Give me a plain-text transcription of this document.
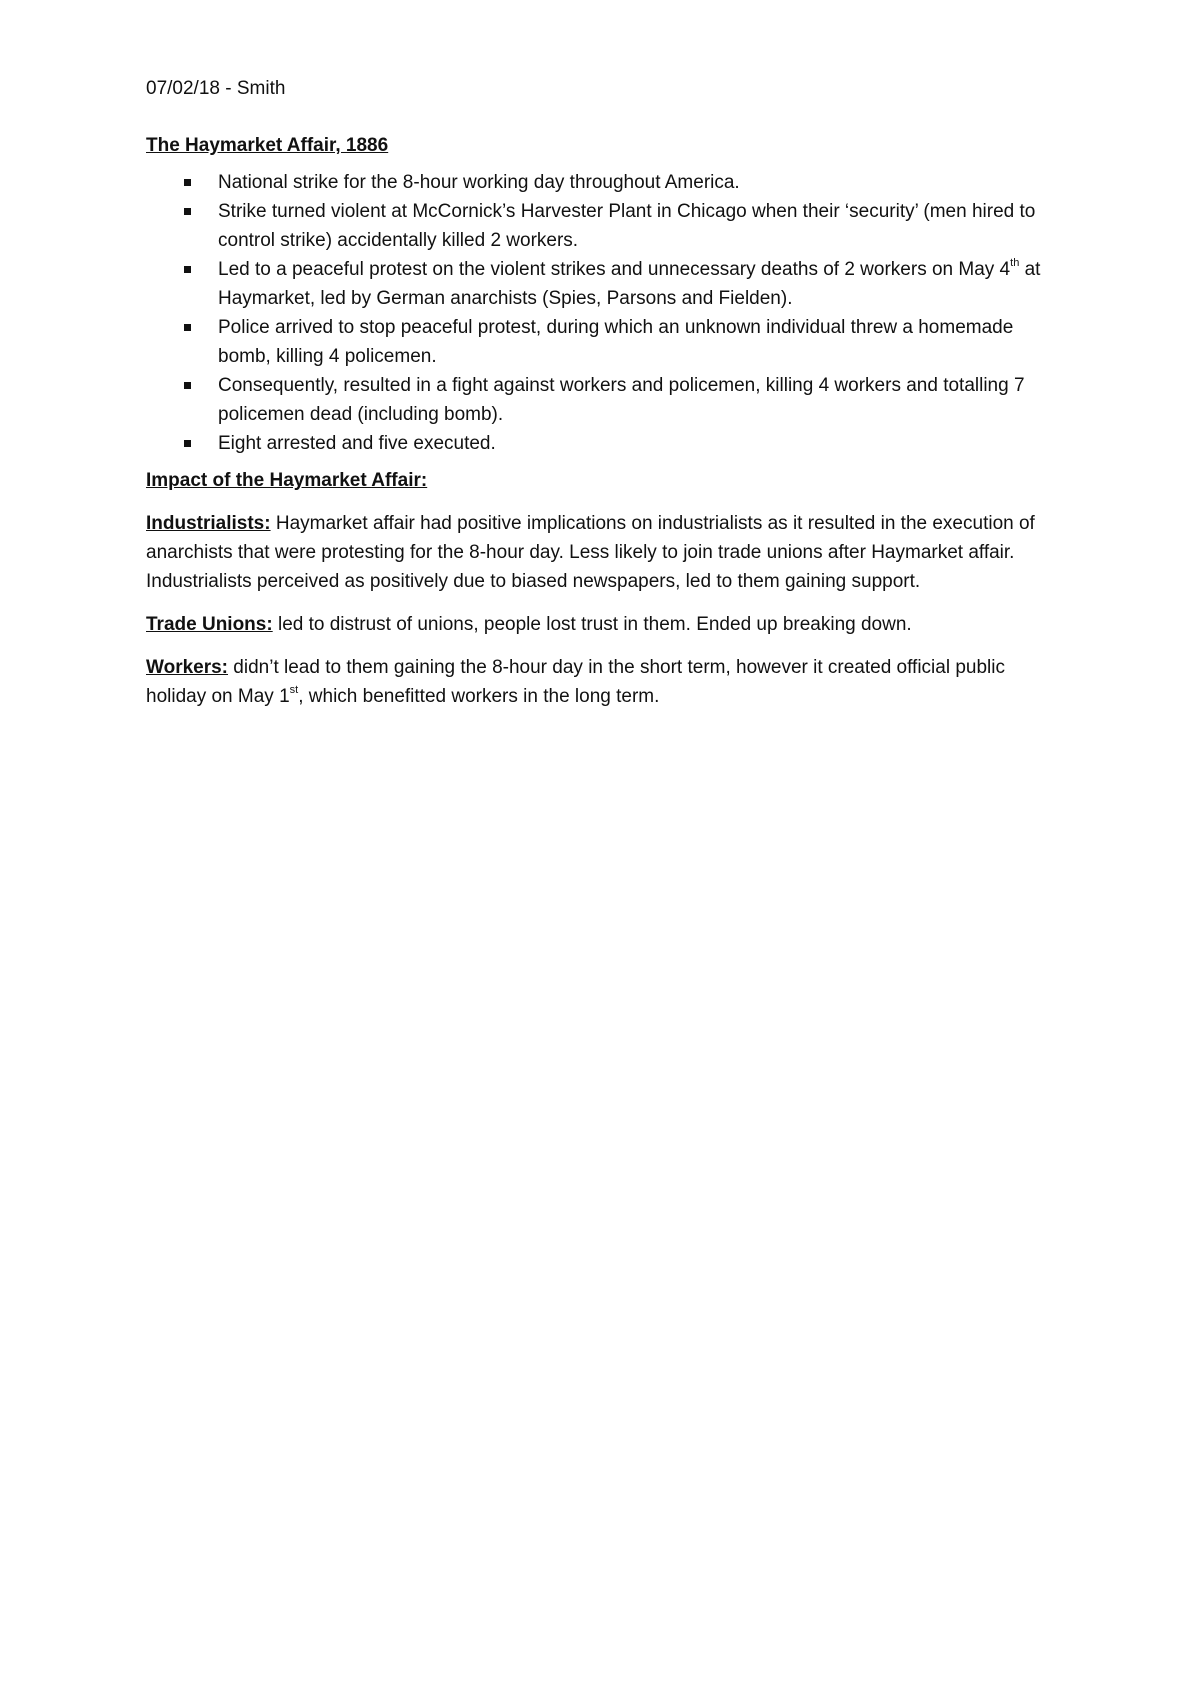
07/02/18 - Smith

The Haymarket Affair, 1886

National strike for the 8-hour working day throughout America.
Strike turned violent at McCornick’s Harvester Plant in Chicago when their ‘security’ (men hired to control strike) accidentally killed 2 workers.
Led to a peaceful protest on the violent strikes and unnecessary deaths of 2 workers on May 4th at Haymarket, led by German anarchists (Spies, Parsons and Fielden).
Police arrived to stop peaceful protest, during which an unknown individual threw a homemade bomb, killing 4 policemen.
Consequently, resulted in a fight against workers and policemen, killing 4 workers and totalling 7 policemen dead (including bomb).
Eight arrested and five executed.

Impact of the Haymarket Affair:

Industrialists: Haymarket affair had positive implications on industrialists as it resulted in the execution of anarchists that were protesting for the 8-hour day. Less likely to join trade unions after Haymarket affair. Industrialists perceived as positively due to biased newspapers, led to them gaining support.

Trade Unions: led to distrust of unions, people lost trust in them. Ended up breaking down.

Workers: didn’t lead to them gaining the 8-hour day in the short term, however it created official public holiday on May 1st, which benefitted workers in the long term.
